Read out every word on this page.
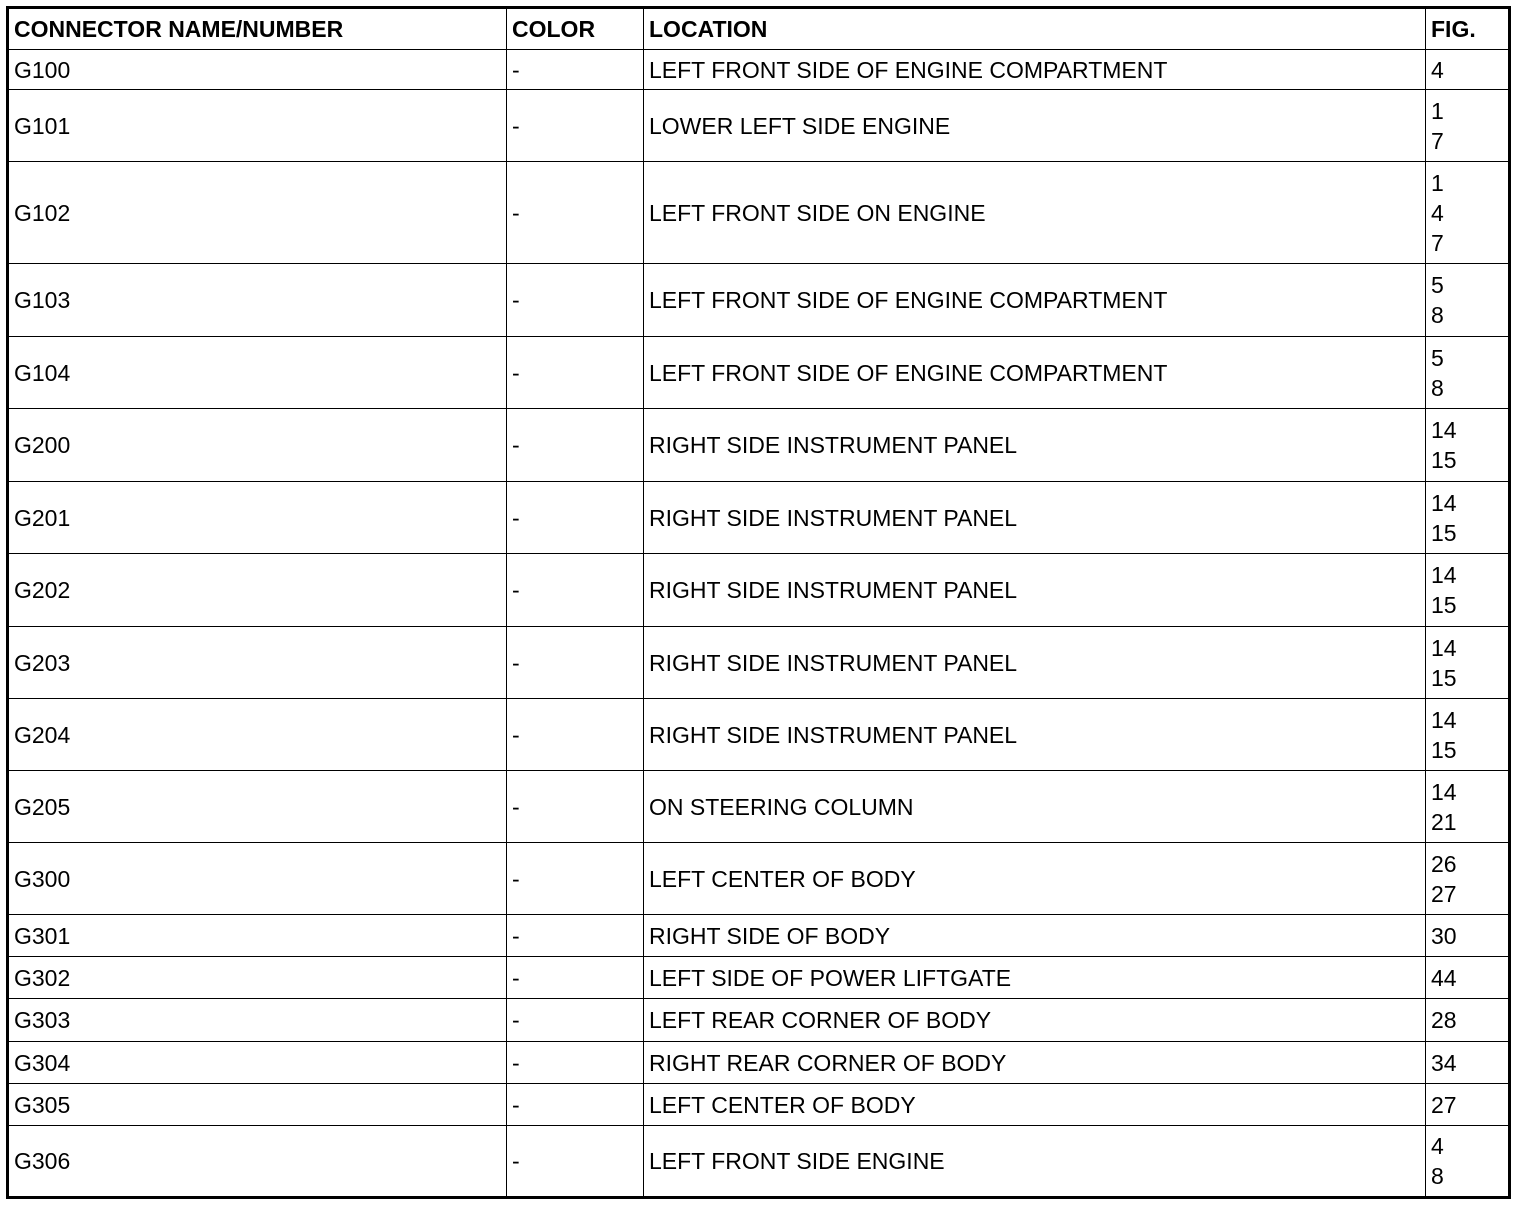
CONNECTOR NAME/NUMBER	COLOR	LOCATION	FIG.
G100	-	LEFT FRONT SIDE OF ENGINE COMPARTMENT	4
G101	-	LOWER LEFT SIDE ENGINE	1
7
G102	-	LEFT FRONT SIDE ON ENGINE	1
4
7
G103	-	LEFT FRONT SIDE OF ENGINE COMPARTMENT	5
8
G104	-	LEFT FRONT SIDE OF ENGINE COMPARTMENT	5
8
G200	-	RIGHT SIDE INSTRUMENT PANEL	14
15
G201	-	RIGHT SIDE INSTRUMENT PANEL	14
15
G202	-	RIGHT SIDE INSTRUMENT PANEL	14
15
G203	-	RIGHT SIDE INSTRUMENT PANEL	14
15
G204	-	RIGHT SIDE INSTRUMENT PANEL	14
15
G205	-	ON STEERING COLUMN	14
21
G300	-	LEFT CENTER OF BODY	26
27
G301	-	RIGHT SIDE OF BODY	30
G302	-	LEFT SIDE OF POWER LIFTGATE	44
G303	-	LEFT REAR CORNER OF BODY	28
G304	-	RIGHT REAR CORNER OF BODY	34
G305	-	LEFT CENTER OF BODY	27
G306	-	LEFT FRONT SIDE ENGINE	4
8
